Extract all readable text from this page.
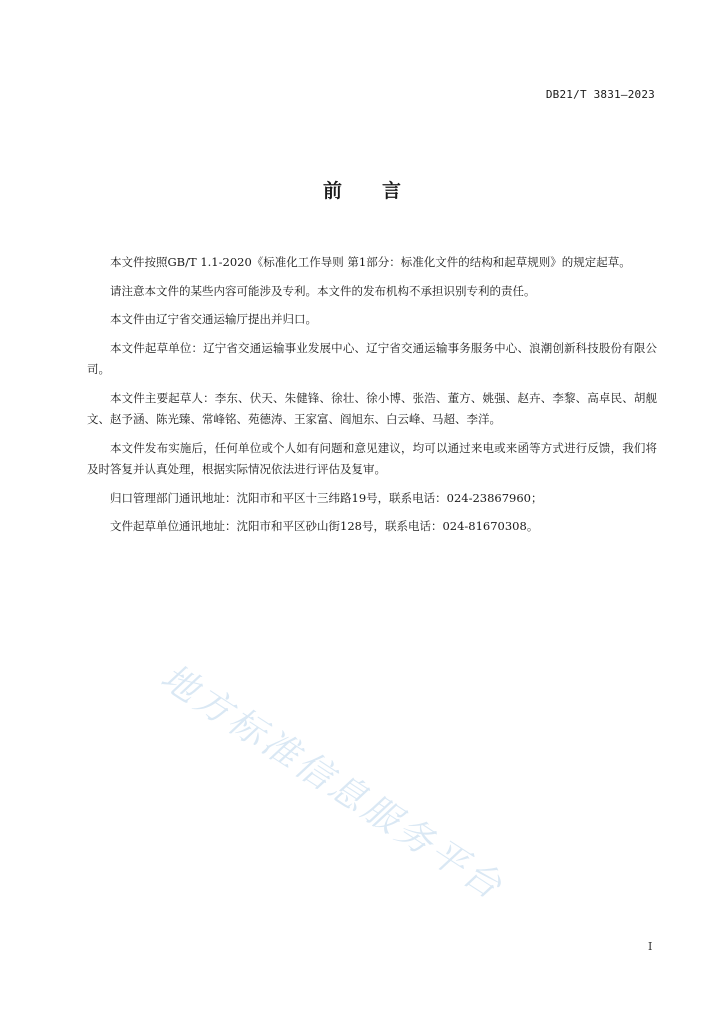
DB21/T 3831—2023
前 言

本文件按照GB/T 1.1-2020《标准化工作导则 第1部分：标准化文件的结构和起草规则》的规定起草。

请注意本文件的某些内容可能涉及专利。本文件的发布机构不承担识别专利的责任。

本文件由辽宁省交通运输厅提出并归口。

本文件起草单位：辽宁省交通运输事业发展中心、辽宁省交通运输事务服务中心、浪潮创新科技股份有限公司。

本文件主要起草人：李东、伏天、朱健锋、徐壮、徐小博、张浩、董方、姚强、赵卉、李黎、高卓民、胡舰文、赵予涵、陈光臻、常峰铭、苑德涛、王家富、阎旭东、白云峰、马超、李洋。

本文件发布实施后，任何单位或个人如有问题和意见建议，均可以通过来电或来函等方式进行反馈，我们将及时答复并认真处理，根据实际情况依法进行评估及复审。

归口管理部门通讯地址：沈阳市和平区十三纬路19号，联系电话：024-23867960；

文件起草单位通讯地址：沈阳市和平区砂山街128号，联系电话：024-81670308。

地方标准信息服务平台
I
